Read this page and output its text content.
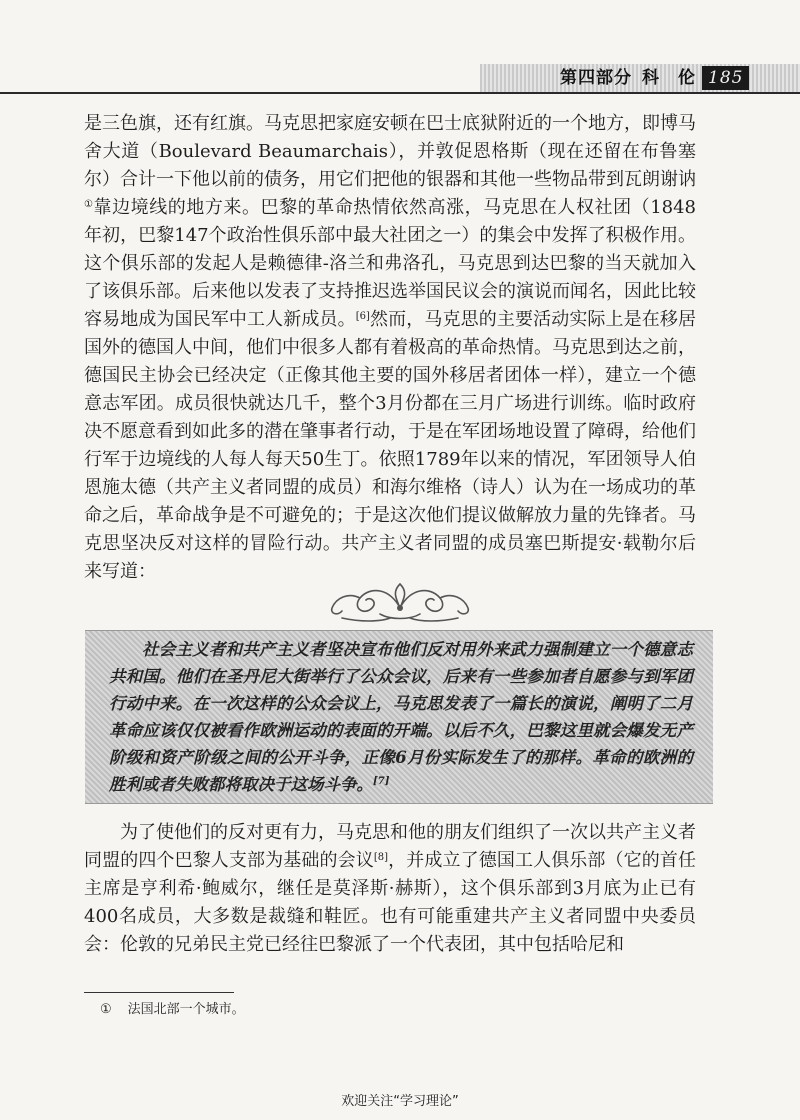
第四部分 科　伦 185

是三色旗，还有红旗。马克思把家庭安顿在巴士底狱附近的一个地方，即博马舍大道（Boulevard Beaumarchais），并敦促恩格斯（现在还留在布鲁塞尔）合计一下他以前的债务，用它们把他的银器和其他一些物品带到瓦朗谢讷①靠边境线的地方来。巴黎的革命热情依然高涨，马克思在人权社团（1848年初，巴黎147个政治性俱乐部中最大社团之一）的集会中发挥了积极作用。这个俱乐部的发起人是赖德律-洛兰和弗洛孔，马克思到达巴黎的当天就加入了该俱乐部。后来他以发表了支持推迟选举国民议会的演说而闻名，因此比较容易地成为国民军中工人新成员。[6]然而，马克思的主要活动实际上是在移居国外的德国人中间，他们中很多人都有着极高的革命热情。马克思到达之前，德国民主协会已经决定（正像其他主要的国外移居者团体一样），建立一个德意志军团。成员很快就达几千，整个3月份都在三月广场进行训练。临时政府决不愿意看到如此多的潜在肇事者行动，于是在军团场地设置了障碍，给他们行军于边境线的人每人每天50生丁。依照1789年以来的情况，军团领导人伯恩施太德（共产主义者同盟的成员）和海尔维格（诗人）认为在一场成功的革命之后，革命战争是不可避免的；于是这次他们提议做解放力量的先锋者。马克思坚决反对这样的冒险行动。共产主义者同盟的成员塞巴斯提安·载勒尔后来写道：

社会主义者和共产主义者坚决宣布他们反对用外来武力强制建立一个德意志共和国。他们在圣丹尼大街举行了公众会议，后来有一些参加者自愿参与到军团行动中来。在一次这样的公众会议上，马克思发表了一篇长的演说，阐明了二月革命应该仅仅被看作欧洲运动的表面的开端。以后不久，巴黎这里就会爆发无产阶级和资产阶级之间的公开斗争，正像6月份实际发生了的那样。革命的欧洲的胜利或者失败都将取决于这场斗争。[7]

为了使他们的反对更有力，马克思和他的朋友们组织了一次以共产主义者同盟的四个巴黎人支部为基础的会议[8]，并成立了德国工人俱乐部（它的首任主席是亨利希·鲍威尔，继任是莫泽斯·赫斯），这个俱乐部到3月底为止已有400名成员，大多数是裁缝和鞋匠。也有可能重建共产主义者同盟中央委员会：伦敦的兄弟民主党已经往巴黎派了一个代表团，其中包括哈尼和

① 法国北部一个城市。
欢迎关注“学习理论”
